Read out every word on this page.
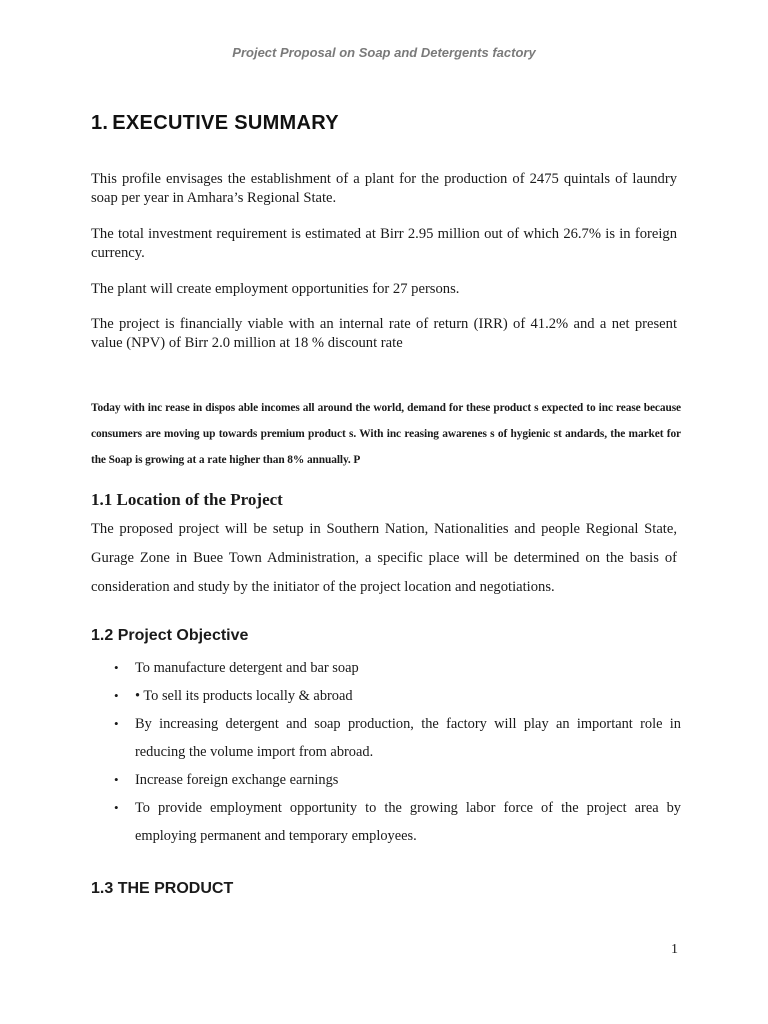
Project Proposal on Soap and Detergents factory
1. EXECUTIVE SUMMARY

This profile envisages the establishment of a plant for the production of 2475 quintals of laundry soap per year in Amhara’s Regional State.

The total investment requirement is estimated at Birr 2.95 million out of which 26.7% is in foreign currency.

The plant will create employment opportunities for 27 persons.

The project is financially viable with an internal rate of return (IRR) of 41.2% and a net present value (NPV) of Birr 2.0 million at 18 % discount rate

Today with inc rease in dispos able incomes all around the world, demand for these product s expected to inc rease because consumers are moving up towards premium product s. With inc reasing awarenes s of hygienic st andards, the market for the Soap is growing at a rate higher than 8% annually. P

1.1 Location of the Project

The proposed project will be setup in Southern Nation, Nationalities and people Regional State, Gurage Zone in Buee Town Administration, a specific place will be determined on the basis of consideration and study by the initiator of the project location and negotiations.

1.2 Project Objective
• To manufacture detergent and bar soap
• • To sell its products locally & abroad
• By increasing detergent and soap production, the factory will play an important role in reducing the volume import from abroad.
• Increase foreign exchange earnings
• To provide employment opportunity to the growing labor force of the project area by employing permanent and temporary employees.
1.3 THE PRODUCT
1
